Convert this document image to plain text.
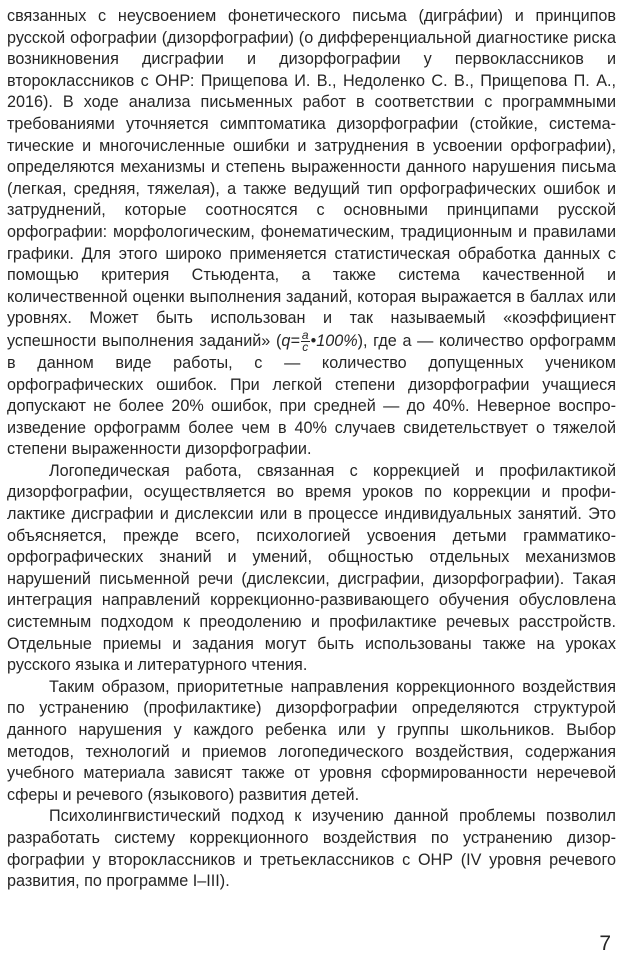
связанных с неусвоением фонетического письма (дигрáфии) и принципов русской офографии (дизорфографии) (о дифференциальной диагностике риска возникновения дисграфии и дизорфографии у первоклассников и второклассников с ОНР: Прищепова И. В., Недоленко С. В., Прищепова П. А., 2016). В ходе анализа письменных работ в соответствии с программными требованиями уточняется симптоматика дизорфографии (стойкие, систематические и многочисленные ошибки и затруднения в усвоении орфографии), определяются механизмы и степень выраженности данного нарушения письма (легкая, средняя, тяжелая), а также ведущий тип орфографических ошибок и затруднений, которые соотносятся с основными принципами русской орфографии: морфологическим, фонематическим, традиционным и правилами графики. Для этого широко применяется статистическая обработка данных с помощью критерия Стьюдента, а также система качественной и количественной оценки выполнения заданий, которая выражается в баллах или уровнях. Может быть использован и так называемый «коэффициент успешности выполнения заданий» ($q= \frac{a}{c}$ •100%), где а — количество орфограмм в данном виде работы, с — количество допущенных учеником орфографических ошибок. При легкой степени дизорфографии учащиеся допускают не более 20% ошибок, при средней — до 40%. Неверное воспроизведение орфограмм более чем в 40% случаев свидетельствует о тяжелой степени выраженности дизорфографии.

Логопедическая работа, связанная с коррекцией и профилактикой дизорфографии, осуществляется во время уроков по коррекции и профилактике дисграфии и дислексии или в процессе индивидуальных занятий. Это объясняется, прежде всего, психологией усвоения детьми грамматико-орфографических знаний и умений, общностью отдельных механизмов нарушений письменной речи (дислексии, дисграфии, дизорфографии). Такая интеграция направлений коррекционно-развивающего обучения обусловлена системным подходом к преодолению и профилактике речевых расстройств. Отдельные приемы и задания могут быть использованы также на уроках русского языка и литературного чтения.

Таким образом, приоритетные направления коррекционного воздействия по устранению (профилактике) дизорфографии определяются структурой данного нарушения у каждого ребенка или у группы школьников. Выбор методов, технологий и приемов логопедического воздействия, содержания учебного материала зависят также от уровня сформированности неречевой сферы и речевого (языкового) развития детей.

Психолингвистический подход к изучению данной проблемы позволил разработать систему коррекционного воздействия по устранению дизорфографии у второклассников и третьеклассников с ОНР (IV уровня речевого развития, по программе I–III).

7
